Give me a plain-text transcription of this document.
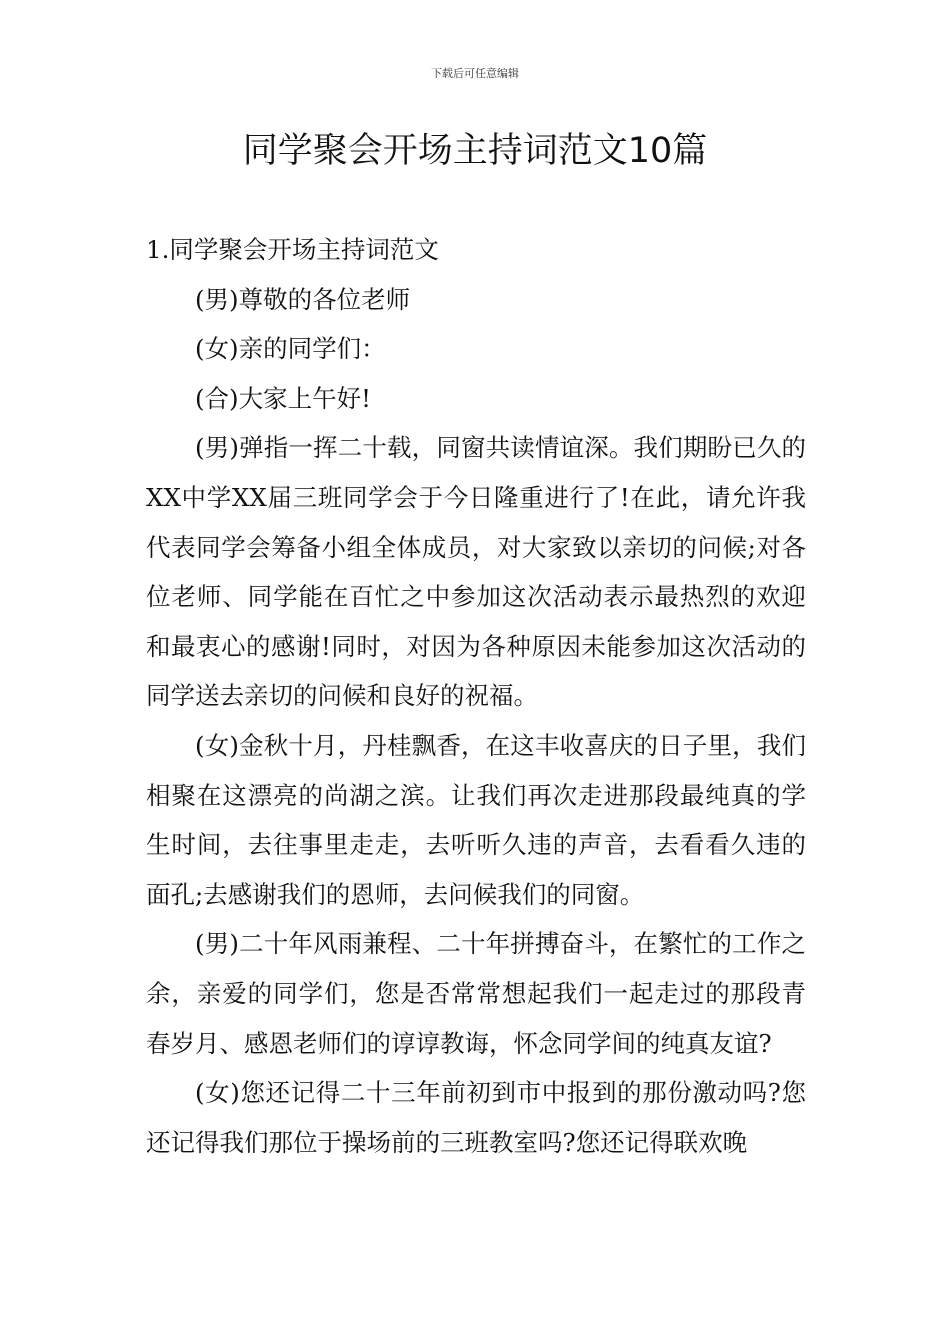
下载后可任意编辑
同学聚会开场主持词范文10篇
1.同学聚会开场主持词范文

(男)尊敬的各位老师

(女)亲的同学们：

(合)大家上午好!

(男)弹指一挥二十载，同窗共读情谊深。我们期盼已久的XX中学XX届三班同学会于今日隆重进行了!在此，请允许我代表同学会筹备小组全体成员，对大家致以亲切的问候;对各位老师、同学能在百忙之中参加这次活动表示最热烈的欢迎和最衷心的感谢!同时，对因为各种原因未能参加这次活动的同学送去亲切的问候和良好的祝福。

(女)金秋十月，丹桂飘香，在这丰收喜庆的日子里，我们相聚在这漂亮的尚湖之滨。让我们再次走进那段最纯真的学生时间，去往事里走走，去听听久违的声音，去看看久违的面孔;去感谢我们的恩师，去问候我们的同窗。

(男)二十年风雨兼程、二十年拼搏奋斗，在繁忙的工作之余，亲爱的同学们，您是否常常想起我们一起走过的那段青春岁月、感恩老师们的谆谆教诲，怀念同学间的纯真友谊?

(女)您还记得二十三年前初到市中报到的那份激动吗?您还记得我们那位于操场前的三班教室吗?您还记得联欢晚
